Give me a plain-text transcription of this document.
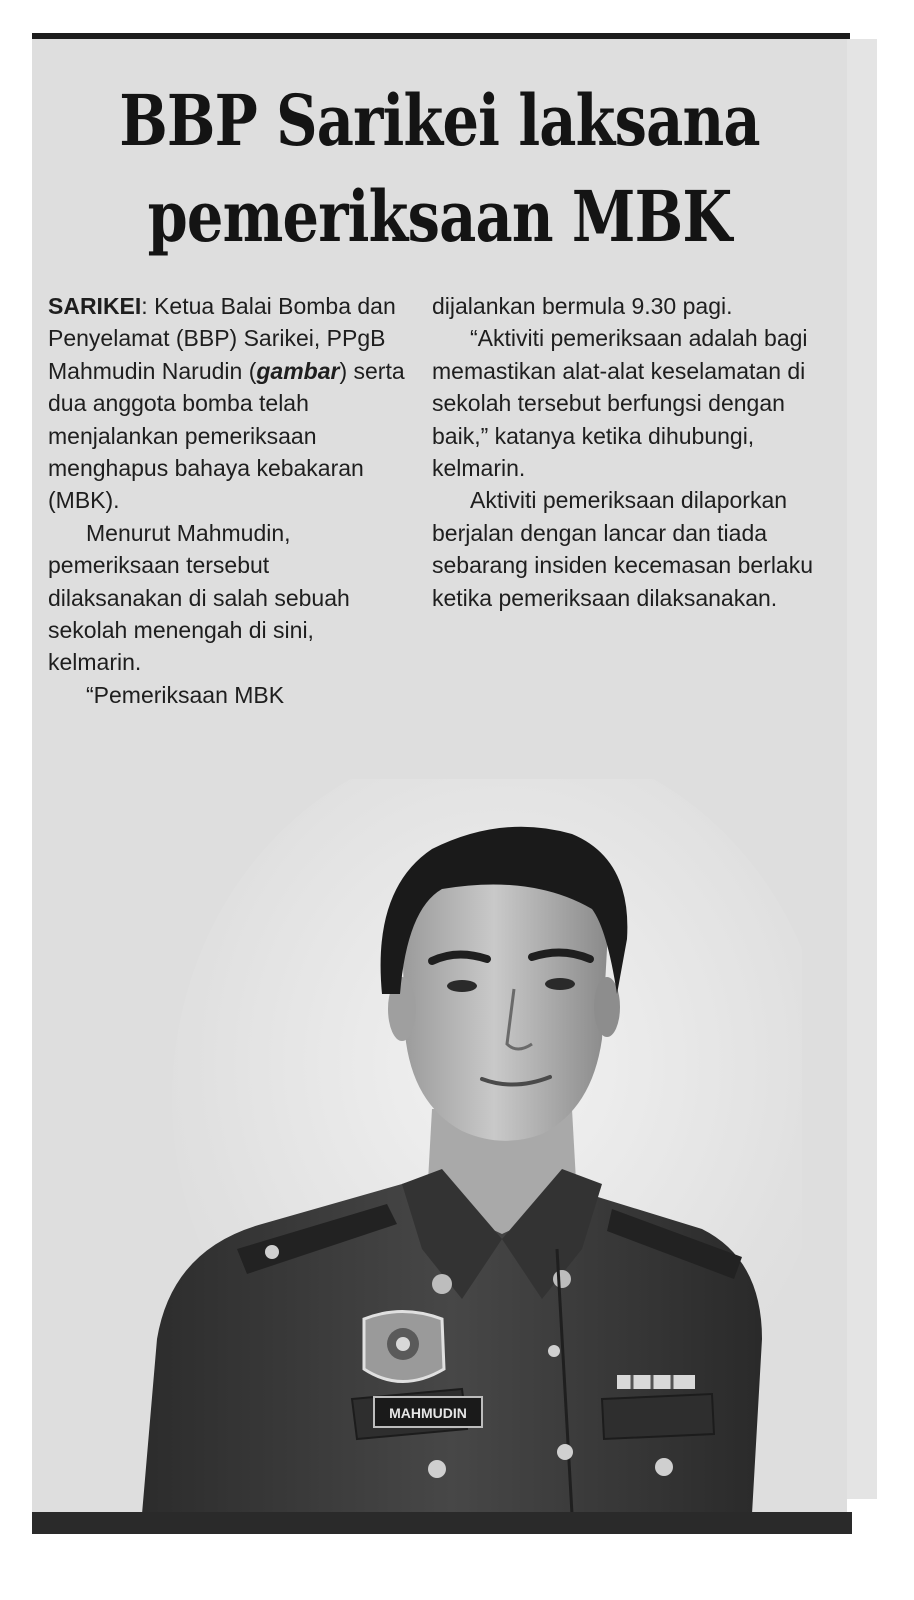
BBP Sarikei laksana
pemeriksaan MBK

SARIKEI: Ketua Balai Bomba dan Penyelamat (BBP) Sarikei, PPgB Mahmudin Narudin (gambar) serta dua anggota bomba telah menjalankan pemeriksaan menghapus bahaya kebakaran (MBK).

Menurut Mahmudin, pemeriksaan tersebut dilaksanakan di salah sebuah sekolah menengah di sini, kelmarin.

“Pemeriksaan MBK

dijalankan bermula 9.30 pagi.

“Aktiviti pemeriksaan adalah bagi memastikan alat-alat keselamatan di sekolah tersebut berfungsi dengan baik,” katanya ketika dihubungi, kelmarin.

Aktiviti pemeriksaan dilaporkan berjalan dengan lancar dan tiada sebarang insiden kecemasan berlaku ketika pemeriksaan dilaksanakan.

MAHMUDIN
